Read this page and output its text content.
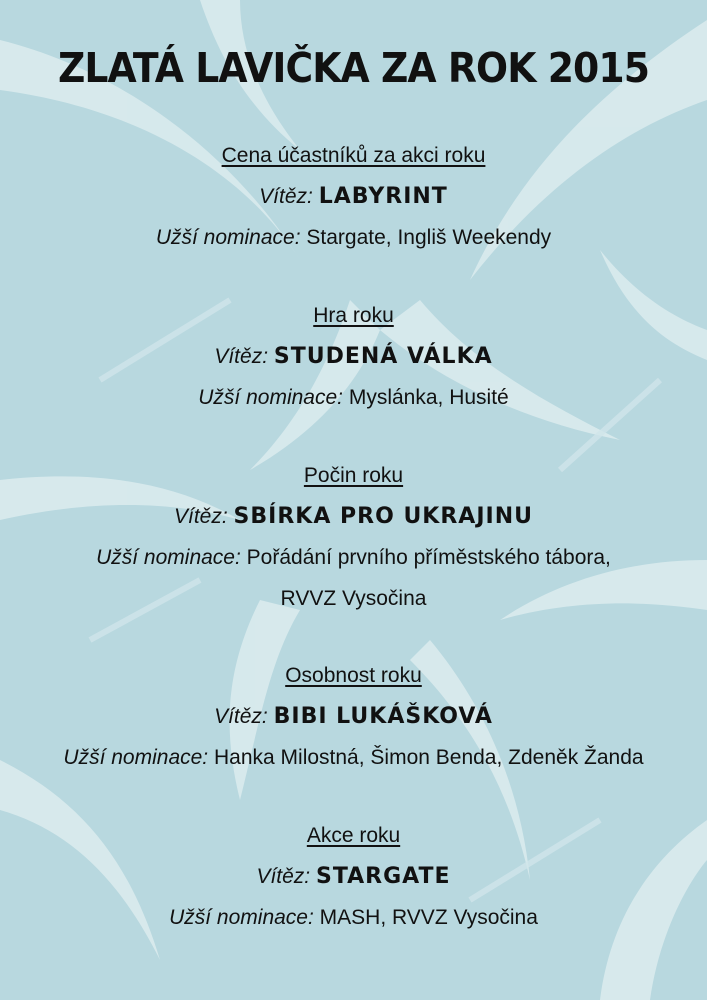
ZLATÁ LAVIČKA ZA ROK 2015
Cena účastníků za akci roku
Vítěz: LABYRINT
Užší nominace: Stargate, Ingliš Weekendy
Hra roku
Vítěz: STUDENÁ VÁLKA
Užší nominace: Myslánka, Husité
Počin roku
Vítěz: SBÍRKA PRO UKRAJINU
Užší nominace: Pořádání prvního příměstského tábora,
RVVZ Vysočina
Osobnost roku
Vítěz: BIBI LUKÁŠKOVÁ
Užší nominace: Hanka Milostná, Šimon Benda, Zdeněk Žanda
Akce roku
Vítěz: STARGATE
Užší nominace: MASH, RVVZ Vysočina
